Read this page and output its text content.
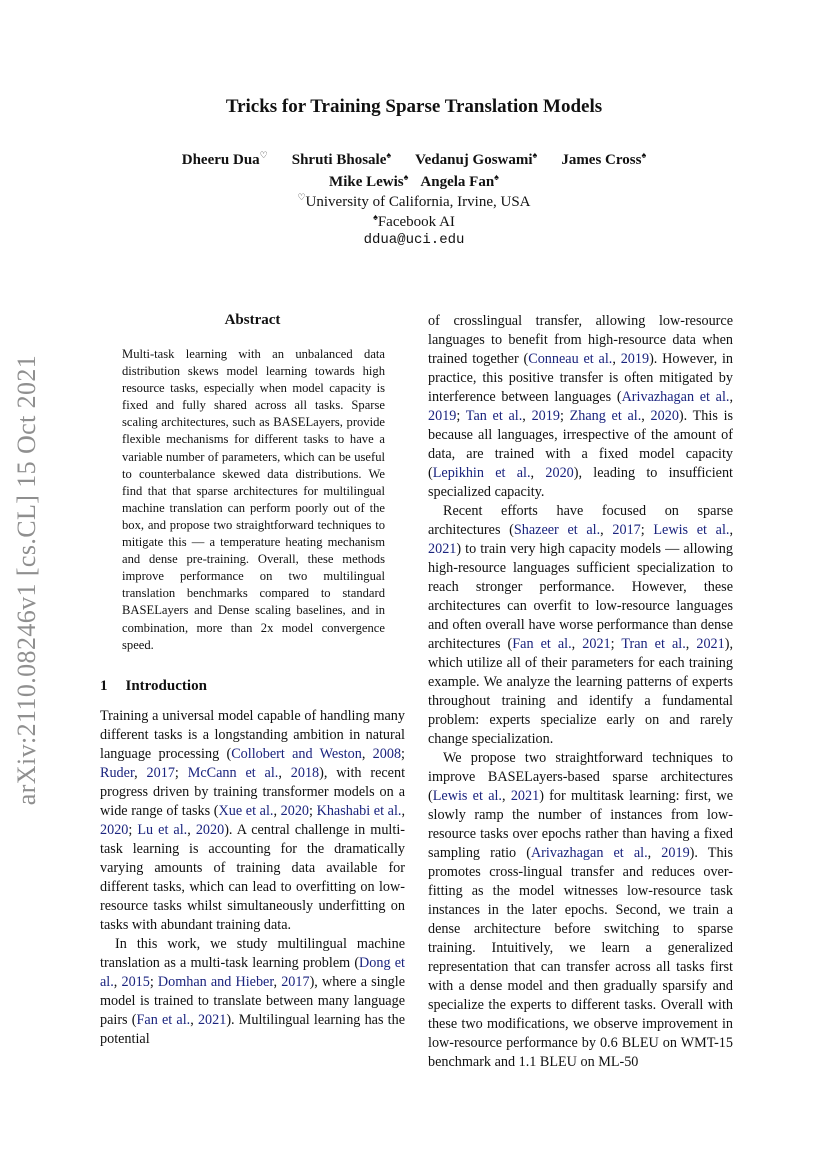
Tricks for Training Sparse Translation Models
Dheeru Dua♡ Shruti Bhosale♠ Vedanuj Goswami♠ James Cross♠
Mike Lewis♠ Angela Fan♠
♡University of California, Irvine, USA
♠Facebook AI
ddua@uci.edu
arXiv:2110.08246v1 [cs.CL] 15 Oct 2021
Abstract
Multi-task learning with an unbalanced data distribution skews model learning towards high resource tasks, especially when model capacity is fixed and fully shared across all tasks. Sparse scaling architectures, such as BASELayers, provide flexible mechanisms for different tasks to have a variable number of parameters, which can be useful to counterbalance skewed data distributions. We find that that sparse architectures for multilingual machine translation can perform poorly out of the box, and propose two straightforward techniques to mitigate this — a temperature heating mechanism and dense pre-training. Overall, these methods improve performance on two multilingual translation benchmarks compared to standard BASELayers and Dense scaling baselines, and in combination, more than 2x model convergence speed.
1 Introduction

Training a universal model capable of handling many different tasks is a longstanding ambition in natural language processing (Collobert and Weston, 2008; Ruder, 2017; McCann et al., 2018), with recent progress driven by training transformer models on a wide range of tasks (Xue et al., 2020; Khashabi et al., 2020; Lu et al., 2020). A central challenge in multi-task learning is accounting for the dramatically varying amounts of training data available for different tasks, which can lead to overfitting on low-resource tasks whilst simultaneously underfitting on tasks with abundant training data.

In this work, we study multilingual machine translation as a multi-task learning problem (Dong et al., 2015; Domhan and Hieber, 2017), where a single model is trained to translate between many language pairs (Fan et al., 2021). Multilingual learning has the potential

of crosslingual transfer, allowing low-resource languages to benefit from high-resource data when trained together (Conneau et al., 2019). However, in practice, this positive transfer is often mitigated by interference between languages (Arivazhagan et al., 2019; Tan et al., 2019; Zhang et al., 2020). This is because all languages, irrespective of the amount of data, are trained with a fixed model capacity (Lepikhin et al., 2020), leading to insufficient specialized capacity.

Recent efforts have focused on sparse architectures (Shazeer et al., 2017; Lewis et al., 2021) to train very high capacity models — allowing high-resource languages sufficient specialization to reach stronger performance. However, these architectures can overfit to low-resource languages and often overall have worse performance than dense architectures (Fan et al., 2021; Tran et al., 2021), which utilize all of their parameters for each training example. We analyze the learning patterns of experts throughout training and identify a fundamental problem: experts specialize early on and rarely change specialization.

We propose two straightforward techniques to improve BASELayers-based sparse architectures (Lewis et al., 2021) for multitask learning: first, we slowly ramp the number of instances from low-resource tasks over epochs rather than having a fixed sampling ratio (Arivazhagan et al., 2019). This promotes cross-lingual transfer and reduces over-fitting as the model witnesses low-resource task instances in the later epochs. Second, we train a dense architecture before switching to sparse training. Intuitively, we learn a generalized representation that can transfer across all tasks first with a dense model and then gradually sparsify and specialize the experts to different tasks. Overall with these two modifications, we observe improvement in low-resource performance by 0.6 BLEU on WMT-15 benchmark and 1.1 BLEU on ML-50
